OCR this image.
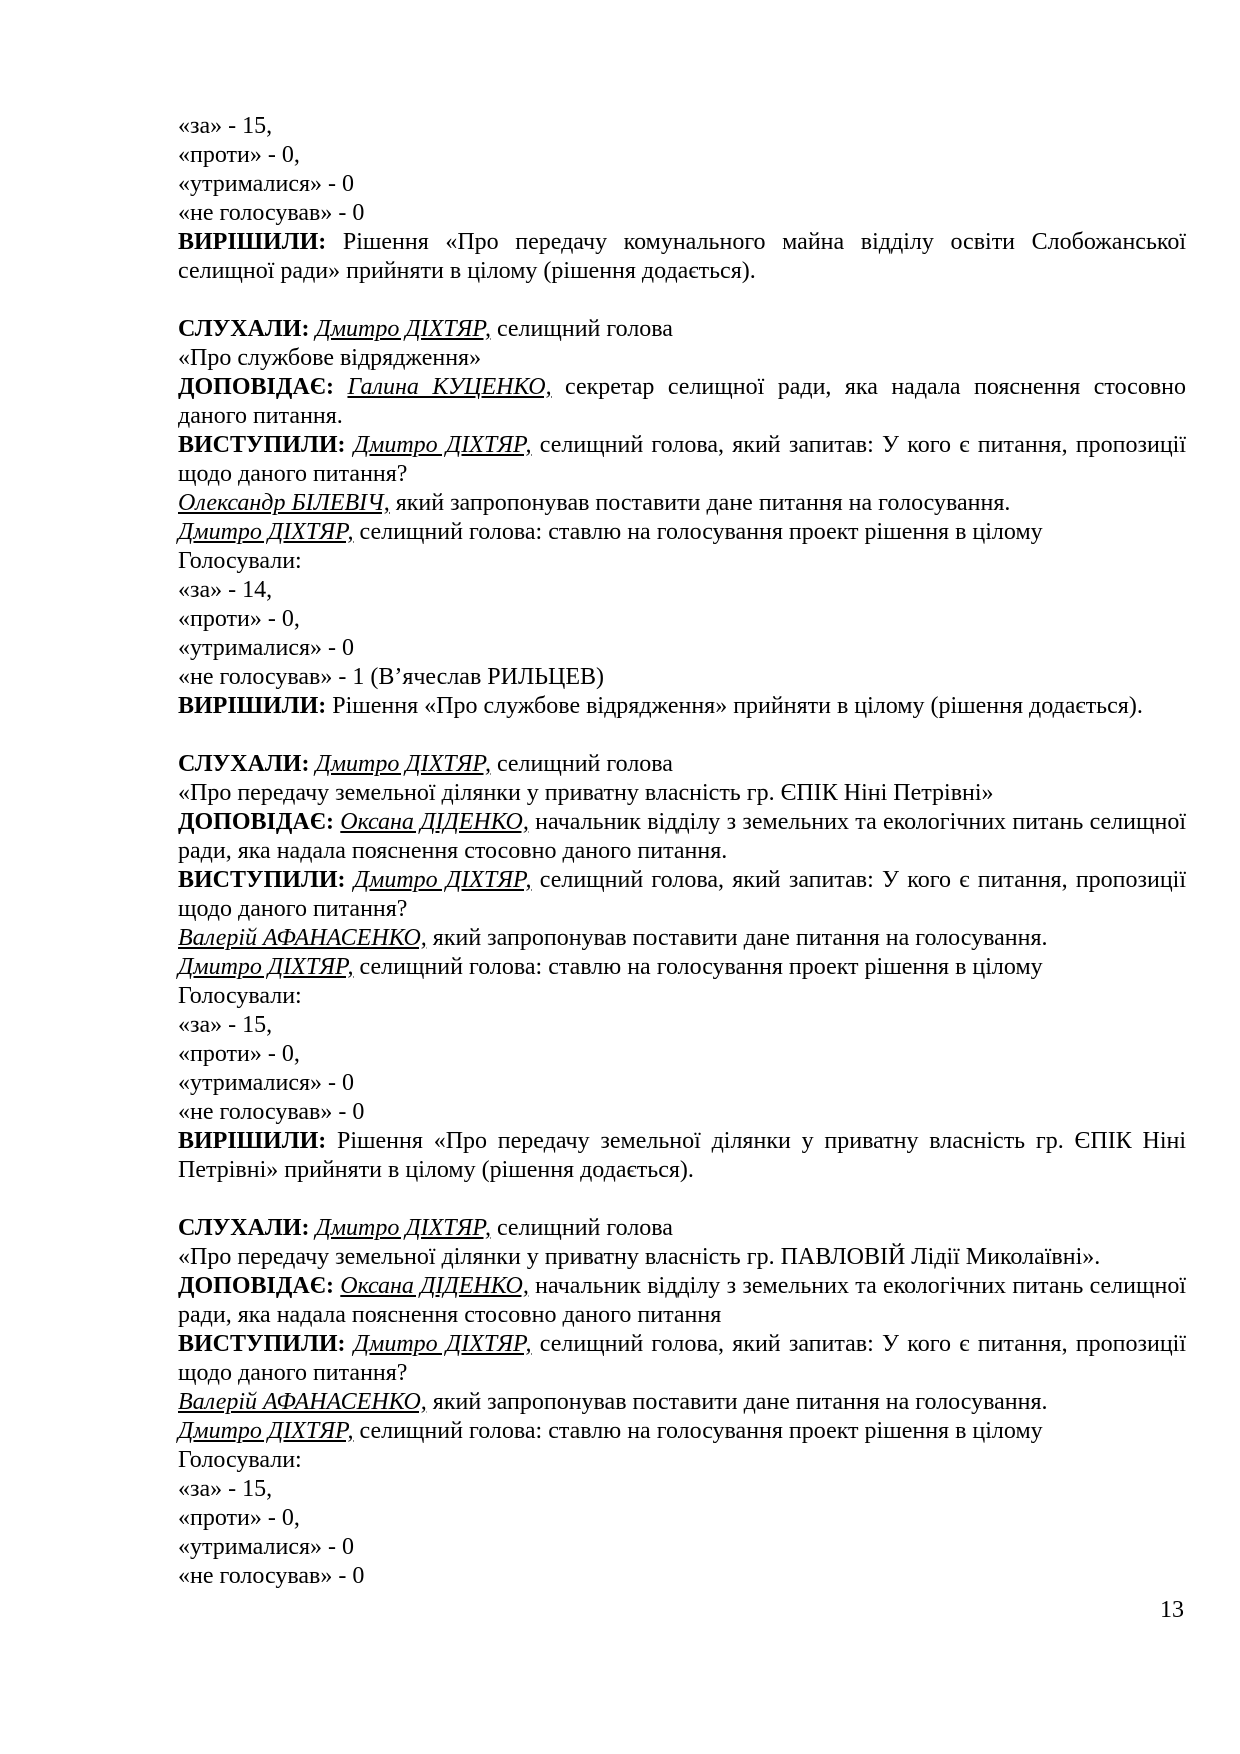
«за» - 15,

«проти» - 0,

«утрималися» - 0

«не голосував» - 0

ВИРІШИЛИ: Рішення «Про передачу комунального майна відділу освіти Слобожанської селищної ради» прийняти в цілому (рішення додається).

СЛУХАЛИ: Дмитро ДІХТЯР, селищний голова

«Про службове відрядження»

ДОПОВІДАЄ: Галина КУЦЕНКО, секретар селищної ради, яка надала пояснення стосовно даного питання.

ВИСТУПИЛИ: Дмитро ДІХТЯР, селищний голова, який запитав: У кого є питання, пропозиції щодо даного питання?

Олександр БІЛЕВІЧ, який запропонував поставити дане питання на голосування.

Дмитро ДІХТЯР, селищний голова: ставлю на голосування проект рішення в цілому

Голосували:

«за» - 14,

«проти» - 0,

«утрималися» - 0

«не голосував» - 1 (В’ячеслав РИЛЬЦЕВ)

ВИРІШИЛИ: Рішення «Про службове відрядження» прийняти в цілому (рішення додається).

СЛУХАЛИ: Дмитро ДІХТЯР, селищний голова

«Про передачу земельної ділянки у приватну власність гр. ЄПІК Ніні Петрівні»

ДОПОВІДАЄ: Оксана ДІДЕНКО, начальник відділу з земельних та екологічних питань селищної ради, яка надала пояснення стосовно даного питання.

ВИСТУПИЛИ: Дмитро ДІХТЯР, селищний голова, який запитав: У кого є питання, пропозиції щодо даного питання?

Валерій АФАНАСЕНКО, який запропонував поставити дане питання на голосування.

Дмитро ДІХТЯР, селищний голова: ставлю на голосування проект рішення в цілому

Голосували:

«за» - 15,

«проти» - 0,

«утрималися» - 0

«не голосував» - 0

ВИРІШИЛИ: Рішення «Про передачу земельної ділянки у приватну власність гр. ЄПІК Ніні Петрівні» прийняти в цілому (рішення додається).

СЛУХАЛИ: Дмитро ДІХТЯР, селищний голова

«Про передачу земельної ділянки у приватну власність гр. ПАВЛОВІЙ Лідії Миколаївні».

ДОПОВІДАЄ: Оксана ДІДЕНКО, начальник відділу з земельних та екологічних питань селищної ради, яка надала пояснення стосовно даного питання

ВИСТУПИЛИ: Дмитро ДІХТЯР, селищний голова, який запитав: У кого є питання, пропозиції щодо даного питання?

Валерій АФАНАСЕНКО, який запропонував поставити дане питання на голосування.

Дмитро ДІХТЯР, селищний голова: ставлю на голосування проект рішення в цілому

Голосували:

«за» - 15,

«проти» - 0,

«утрималися» - 0

«не голосував» - 0

13
